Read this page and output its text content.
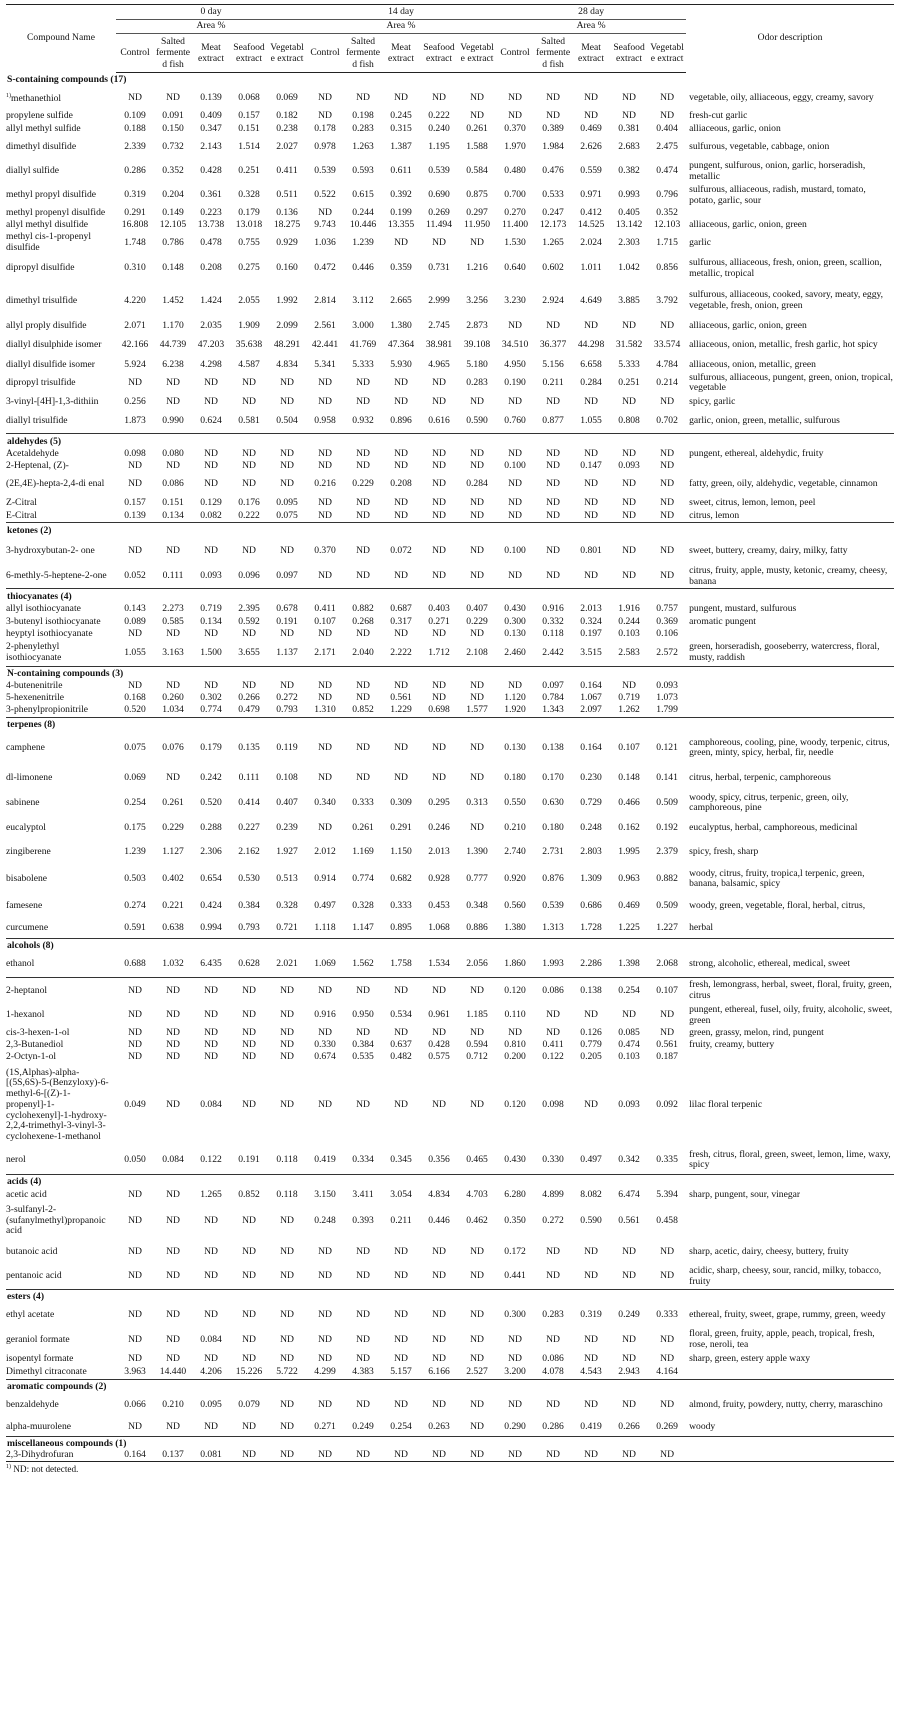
Compound Name	0 day					14 day					28 day					Odor description
	Area %					Area %					Area %					
	Control	Salted fermente d fish	Meat extract	Seafood extract	Vegetabl e extract	Control	Salted fermente d fish	Meat extract	Seafood extract	Vegetabl e extract	Control	Salted fermente d fish	Meat extract	Seafood extract	Vegetabl e extract	
S-containing compounds (17)																
$^{1)}$methanethiol	ND	ND	0.139	0.068	0.069	ND	ND	ND	ND	ND	ND	ND	ND	ND	ND	vegetable, oily, alliaceous, eggy, creamy, savory
propylene sulfide	0.109	0.091	0.409	0.157	0.182	ND	0.198	0.245	0.222	ND	ND	ND	ND	ND	ND	fresh-cut garlic
allyl methyl sulfide	0.188	0.150	0.347	0.151	0.238	0.178	0.283	0.315	0.240	0.261	0.370	0.389	0.469	0.381	0.404	alliaceous, garlic, onion
dimethyl disulfide	2.339	0.732	2.143	1.514	2.027	0.978	1.263	1.387	1.195	1.588	1.970	1.984	2.626	2.683	2.475	sulfurous, vegetable, cabbage, onion
diallyl sulfide	0.286	0.352	0.428	0.251	0.411	0.539	0.593	0.611	0.539	0.584	0.480	0.476	0.559	0.382	0.474	pungent, sulfurous, onion, garlic, horseradish, metallic
methyl propyl disulfide	0.319	0.204	0.361	0.328	0.511	0.522	0.615	0.392	0.690	0.875	0.700	0.533	0.971	0.993	0.796	sulfurous, alliaceous, radish, mustard, tomato, potato, garlic, sour
methyl propenyl disulfide	0.291	0.149	0.223	0.179	0.136	ND	0.244	0.199	0.269	0.297	0.270	0.247	0.412	0.405	0.352	
allyl methyl disulfide	16.808	12.105	13.738	13.018	18.275	9.743	10.446	13.355	11.494	11.950	11.400	12.173	14.525	13.142	12.103	alliaceous, garlic, onion, green
methyl cis-1-propenyl disulfide	1.748	0.786	0.478	0.755	0.929	1.036	1.239	ND	ND	ND	1.530	1.265	2.024	2.303	1.715	garlic
dipropyl disulfide	0.310	0.148	0.208	0.275	0.160	0.472	0.446	0.359	0.731	1.216	0.640	0.602	1.011	1.042	0.856	sulfurous, alliaceous, fresh, onion, green, scallion, metallic, tropical
dimethyl trisulfide	4.220	1.452	1.424	2.055	1.992	2.814	3.112	2.665	2.999	3.256	3.230	2.924	4.649	3.885	3.792	sulfurous, alliaceous, cooked, savory, meaty, eggy, vegetable, fresh, onion, green
allyl proply disulfide	2.071	1.170	2.035	1.909	2.099	2.561	3.000	1.380	2.745	2.873	ND	ND	ND	ND	ND	alliaceous, garlic, onion, green
diallyl disulphide isomer	42.166	44.739	47.203	35.638	48.291	42.441	41.769	47.364	38.981	39.108	34.510	36.377	44.298	31.582	33.574	alliaceous, onion, metallic, fresh garlic, hot spicy
diallyl disulfide isomer	5.924	6.238	4.298	4.587	4.834	5.341	5.333	5.930	4.965	5.180	4.950	5.156	6.658	5.333	4.784	alliaceous, onion, metallic, green
dipropyl trisulfide	ND	ND	ND	ND	ND	ND	ND	ND	ND	0.283	0.190	0.211	0.284	0.251	0.214	sulfurous, alliaceous, pungent, green, onion, tropical, vegetable
3-vinyl-[4H]-1,3-dithiin	0.256	ND	ND	ND	ND	ND	ND	ND	ND	ND	ND	ND	ND	ND	ND	spicy, garlic
diallyl trisulfide	1.873	0.990	0.624	0.581	0.504	0.958	0.932	0.896	0.616	0.590	0.760	0.877	1.055	0.808	0.702	garlic, onion, green, metallic, sulfurous
aldehydes (5)																
Acetaldehyde	0.098	0.080	ND	ND	ND	ND	ND	ND	ND	ND	ND	ND	ND	ND	ND	pungent, ethereal, aldehydic, fruity
2-Heptenal, (Z)-	ND	ND	ND	ND	ND	ND	ND	ND	ND	ND	0.100	ND	0.147	0.093	ND	
(2E,4E)-hepta-2,4-di enal	ND	0.086	ND	ND	ND	0.216	0.229	0.208	ND	0.284	ND	ND	ND	ND	ND	fatty, green, oily, aldehydic, vegetable, cinnamon
Z-Citral	0.157	0.151	0.129	0.176	0.095	ND	ND	ND	ND	ND	ND	ND	ND	ND	ND	sweet, citrus, lemon, lemon, peel
E-Citral	0.139	0.134	0.082	0.222	0.075	ND	ND	ND	ND	ND	ND	ND	ND	ND	ND	citrus, lemon
ketones (2)																
3-hydroxybutan-2- one	ND	ND	ND	ND	ND	0.370	ND	0.072	ND	ND	0.100	ND	0.801	ND	ND	sweet, buttery, creamy, dairy, milky, fatty
6-methly-5-heptene-2-one	0.052	0.111	0.093	0.096	0.097	ND	ND	ND	ND	ND	ND	ND	ND	ND	ND	citrus, fruity, apple, musty, ketonic, creamy, cheesy, banana
thiocyanates (4)																
allyl isothiocyanate	0.143	2.273	0.719	2.395	0.678	0.411	0.882	0.687	0.403	0.407	0.430	0.916	2.013	1.916	0.757	pungent, mustard, sulfurous
3-butenyl isothiocyanate	0.089	0.585	0.134	0.592	0.191	0.107	0.268	0.317	0.271	0.229	0.300	0.332	0.324	0.244	0.369	aromatic pungent
heyptyl isothiocyanate	ND	ND	ND	ND	ND	ND	ND	ND	ND	ND	0.130	0.118	0.197	0.103	0.106	
2-phenylethyl isothiocyanate	1.055	3.163	1.500	3.655	1.137	2.171	2.040	2.222	1.712	2.108	2.460	2.442	3.515	2.583	2.572	green, horseradish, gooseberry, watercress, floral, musty, raddish
N-containing compounds (3)																
4-butenenitrile	ND	ND	ND	ND	ND	ND	ND	ND	ND	ND	ND	0.097	0.164	ND	0.093	
5-hexenenitrile	0.168	0.260	0.302	0.266	0.272	ND	ND	0.561	ND	ND	1.120	0.784	1.067	0.719	1.073	
3-phenylpropionitrile	0.520	1.034	0.774	0.479	0.793	1.310	0.852	1.229	0.698	1.577	1.920	1.343	2.097	1.262	1.799	
terpenes (8)																
camphene	0.075	0.076	0.179	0.135	0.119	ND	ND	ND	ND	ND	0.130	0.138	0.164	0.107	0.121	camphoreous, cooling, pine, woody, terpenic, citrus, green, minty, spicy, herbal, fir, needle
dl-limonene	0.069	ND	0.242	0.111	0.108	ND	ND	ND	ND	ND	0.180	0.170	0.230	0.148	0.141	citrus, herbal, terpenic, camphoreous
sabinene	0.254	0.261	0.520	0.414	0.407	0.340	0.333	0.309	0.295	0.313	0.550	0.630	0.729	0.466	0.509	woody, spicy, citrus, terpenic, green, oily, camphoreous, pine
eucalyptol	0.175	0.229	0.288	0.227	0.239	ND	0.261	0.291	0.246	ND	0.210	0.180	0.248	0.162	0.192	eucalyptus, herbal, camphoreous, medicinal
zingiberene	1.239	1.127	2.306	2.162	1.927	2.012	1.169	1.150	2.013	1.390	2.740	2.731	2.803	1.995	2.379	spicy, fresh, sharp
bisabolene	0.503	0.402	0.654	0.530	0.513	0.914	0.774	0.682	0.928	0.777	0.920	0.876	1.309	0.963	0.882	woody, citrus, fruity, tropica,l terpenic, green, banana, balsamic, spicy
famesene	0.274	0.221	0.424	0.384	0.328	0.497	0.328	0.333	0.453	0.348	0.560	0.539	0.686	0.469	0.509	woody, green, vegetable, floral, herbal, citrus,
curcumene	0.591	0.638	0.994	0.793	0.721	1.118	1.147	0.895	1.068	0.886	1.380	1.313	1.728	1.225	1.227	herbal
alcohols (8)																
ethanol	0.688	1.032	6.435	0.628	2.021	1.069	1.562	1.758	1.534	2.056	1.860	1.993	2.286	1.398	2.068	strong, alcoholic, ethereal, medical, sweet
2-heptanol	ND	ND	ND	ND	ND	ND	ND	ND	ND	ND	0.120	0.086	0.138	0.254	0.107	fresh, lemongrass, herbal, sweet, floral, fruity, green, citrus
1-hexanol	ND	ND	ND	ND	ND	0.916	0.950	0.534	0.961	1.185	0.110	ND	ND	ND	ND	pungent, ethereal, fusel, oily, fruity, alcoholic, sweet, green
cis-3-hexen-1-ol	ND	ND	ND	ND	ND	ND	ND	ND	ND	ND	ND	ND	0.126	0.085	ND	green, grassy, melon, rind, pungent
2,3-Butanediol	ND	ND	ND	ND	ND	0.330	0.384	0.637	0.428	0.594	0.810	0.411	0.779	0.474	0.561	fruity, creamy, buttery
2-Octyn-1-ol	ND	ND	ND	ND	ND	0.674	0.535	0.482	0.575	0.712	0.200	0.122	0.205	0.103	0.187	
(1S,Alphas)-alpha-[(5S,6S)-5-(Benzyloxy)-6-methyl-6-[(Z)-1-propenyl]-1-cyclohexenyl]-1-hydroxy-2,2,4-trimethyl-3-vinyl-3-cyclohexene-1-methanol	0.049	ND	0.084	ND	ND	ND	ND	ND	ND	ND	0.120	0.098	ND	0.093	0.092	lilac floral terpenic
nerol	0.050	0.084	0.122	0.191	0.118	0.419	0.334	0.345	0.356	0.465	0.430	0.330	0.497	0.342	0.335	fresh, citrus, floral, green, sweet, lemon, lime, waxy, spicy
acids (4)																
acetic acid	ND	ND	1.265	0.852	0.118	3.150	3.411	3.054	4.834	4.703	6.280	4.899	8.082	6.474	5.394	sharp, pungent, sour, vinegar
3-sulfanyl-2-(sufanylmethyl)propanoic acid	ND	ND	ND	ND	ND	0.248	0.393	0.211	0.446	0.462	0.350	0.272	0.590	0.561	0.458	
butanoic acid	ND	ND	ND	ND	ND	ND	ND	ND	ND	ND	0.172	ND	ND	ND	ND	sharp, acetic, dairy, cheesy, buttery, fruity
pentanoic acid	ND	ND	ND	ND	ND	ND	ND	ND	ND	ND	0.441	ND	ND	ND	ND	acidic, sharp, cheesy, sour, rancid, milky, tobacco, fruity
esters (4)																
ethyl acetate	ND	ND	ND	ND	ND	ND	ND	ND	ND	ND	0.300	0.283	0.319	0.249	0.333	ethereal, fruity, sweet, grape, rummy, green, weedy
geraniol formate	ND	ND	0.084	ND	ND	ND	ND	ND	ND	ND	ND	ND	ND	ND	ND	floral, green, fruity, apple, peach, tropical, fresh, rose, neroli, tea
isopentyl formate	ND	ND	ND	ND	ND	ND	ND	ND	ND	ND	ND	0.086	ND	ND	ND	sharp, green, estery apple waxy
Dimethyl citraconate	3.963	14.440	4.206	15.226	5.722	4.299	4.383	5.157	6.166	2.527	3.200	4.078	4.543	2.943	4.164	
aromatic compounds (2)																
benzaldehyde	0.066	0.210	0.095	0.079	ND	ND	ND	ND	ND	ND	ND	ND	ND	ND	ND	almond, fruity, powdery, nutty, cherry, maraschino
alpha-muurolene	ND	ND	ND	ND	ND	0.271	0.249	0.254	0.263	ND	0.290	0.286	0.419	0.266	0.269	woody
miscellaneous compounds (1)																
2,3-Dihydrofuran	0.164	0.137	0.081	ND	ND	ND	ND	ND	ND	ND	ND	ND	ND	ND	ND	
$^{1)}$ ND: not detected.
